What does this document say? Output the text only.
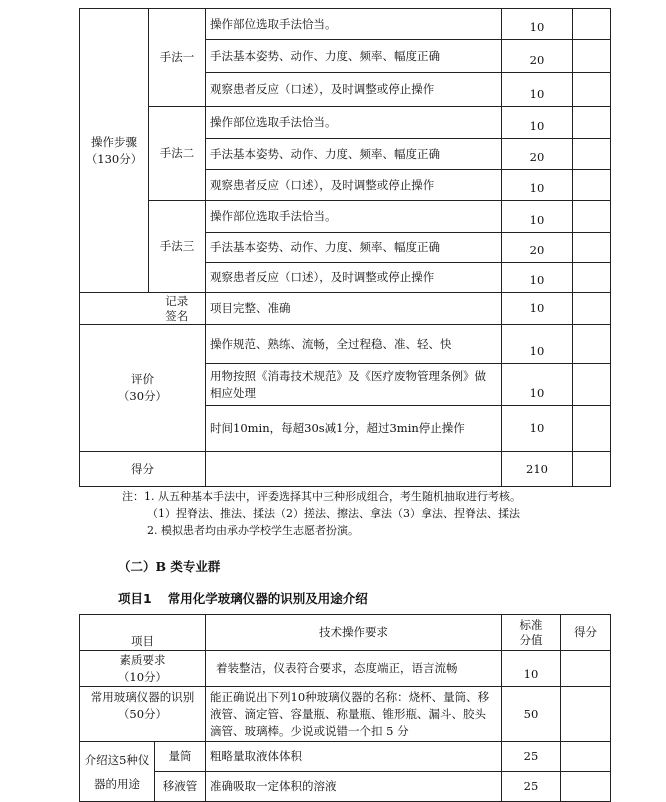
操作步骤
（130分）	手法一	操作部位选取手法恰当。	10	
		手法基本姿势、动作、力度、频率、幅度正确	20	
		观察患者反应（口述），及时调整或停止操作	10	
	手法二	操作部位选取手法恰当。	10	
		手法基本姿势、动作、力度、频率、幅度正确	20	
		观察患者反应（口述），及时调整或停止操作	10	
	手法三	操作部位选取手法恰当。	10	
		手法基本姿势、动作、力度、频率、幅度正确	20	
		观察患者反应（口述），及时调整或停止操作	10	

	记录签名	项目完整、准确	10	

评价
（30分）		操作规范、熟练、流畅，全过程稳、准、轻、快	10	
		用物按照《消毒技术规范》及《医疗废物管理条例》做相应处理	10	
		时间10min，每超30s减1分，超过3min停止操作	10	
得分			210	
注：1. 从五种基本手法中，评委选择其中三种形成组合，考生随机抽取进行考核。
（1）捏脊法、推法、揉法（2）搓法、擦法、拿法（3）拿法、捏脊法、揉法
2. 模拟患者均由承办学校学生志愿者扮演。
（二）B 类专业群
项目1 常用化学玻璃仪器的识别及用途介绍
项目		技术操作要求	标准分值	得分

素质要求
（10分）		着装整洁，仪表符合要求，态度端正，语言流畅	10	

常用玻璃仪器的识别
（50分）		能正确说出下列10种玻璃仪器的名称：烧杯、量筒、移液管、滴定管、容量瓶、称量瓶、锥形瓶、漏斗、胶头滴管、玻璃棒。少说或说错一个扣 5 分	50	

介绍这5种仪器的用途	量筒	粗略量取液体体积	25	
	移液管	准确吸取一定体积的溶液	25	
